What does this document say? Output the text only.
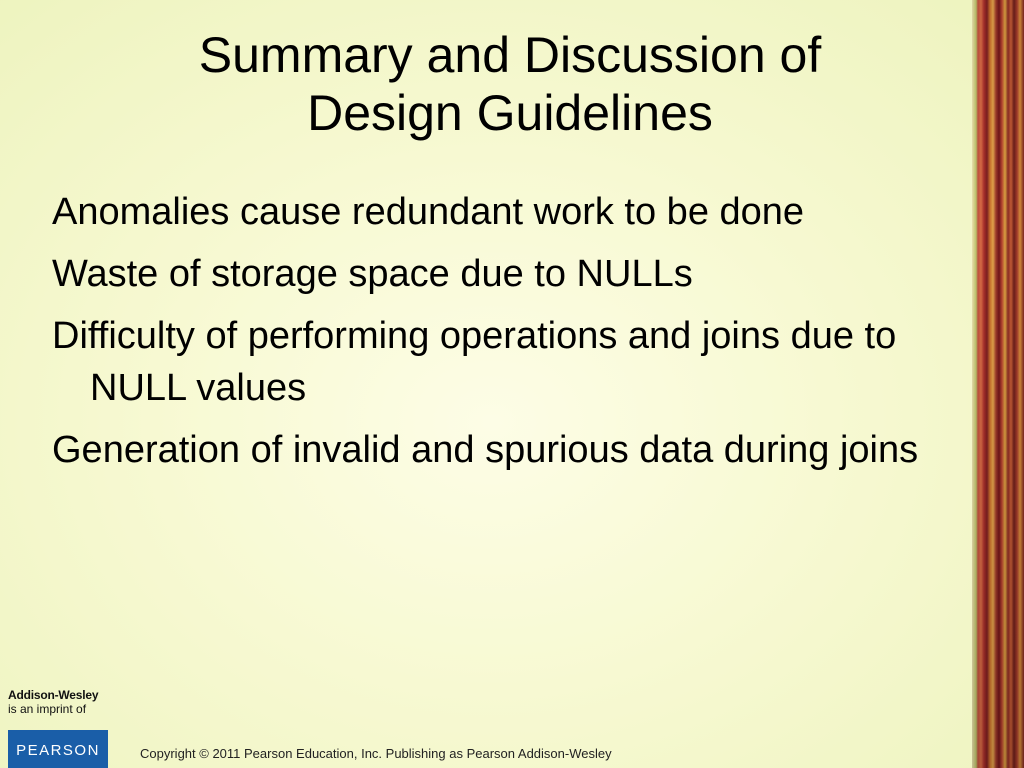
Summary and Discussion of
Design Guidelines
Anomalies cause redundant work to be done
Waste of storage space due to NULLs
Difficulty of performing operations and joins due to NULL values
Generation of invalid and spurious data during joins
Addison-Wesley
is an imprint of
PEARSON	Copyright © 2011 Pearson Education, Inc. Publishing as Pearson Addison-Wesley
